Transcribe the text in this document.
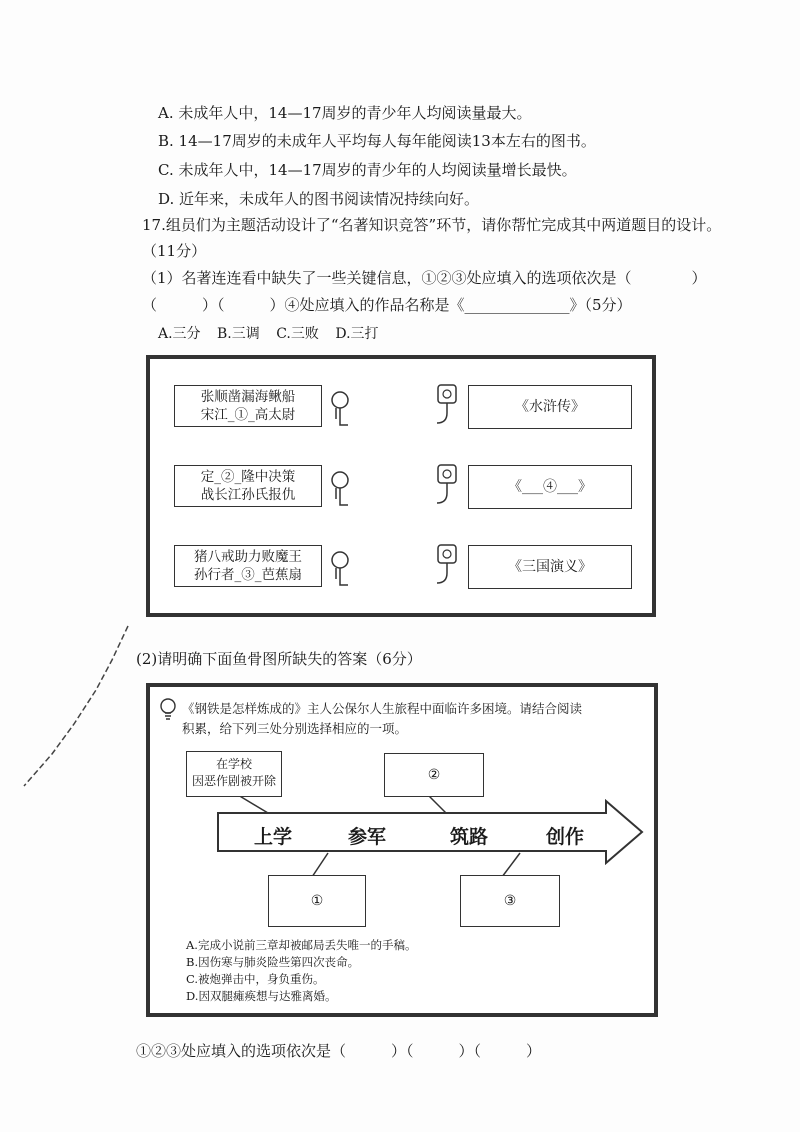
A. 未成年人中，14—17周岁的青少年人均阅读量最大。
B. 14—17周岁的未成年人平均每人每年能阅读13本左右的图书。
C. 未成年人中，14—17周岁的青少年的人均阅读量增长最快。
D. 近年来，未成年人的图书阅读情况持续向好。
17.组员们为主题活动设计了“名著知识竞答”环节，请你帮忙完成其中两道题目的设计。
（11分）
（1）名著连连看中缺失了一些关键信息，①②③处应填入的选项依次是（　　　　）
（　　　）（　　　）④处应填入的作品名称是《______________》（5分）
A.三分 B.三调 C.三败 D.三打
张顺凿漏海鳅船
宋江_①_高太尉
定_②_隆中决策
战长江孙氏报仇
猪八戒助力败魔王
孙行者_③_芭蕉扇
《水浒传》
《___④___》
《三国演义》
(2)请明确下面鱼骨图所缺失的答案（6分）
《钢铁是怎样炼成的》主人公保尔人生旅程中面临许多困境。请结合阅读
积累，给下列三处分别选择相应的一项。
上学	参军	筑路	创作
在学校
因恶作剧被开除	②
①	③
A.完成小说前三章却被邮局丢失唯一的手稿。
B.因伤寒与肺炎险些第四次丧命。
C.被炮弹击中，身负重伤。
D.因双腿瘫痪想与达雅离婚。
①②③处应填入的选项依次是（　　　）（　　　）（　　　）
